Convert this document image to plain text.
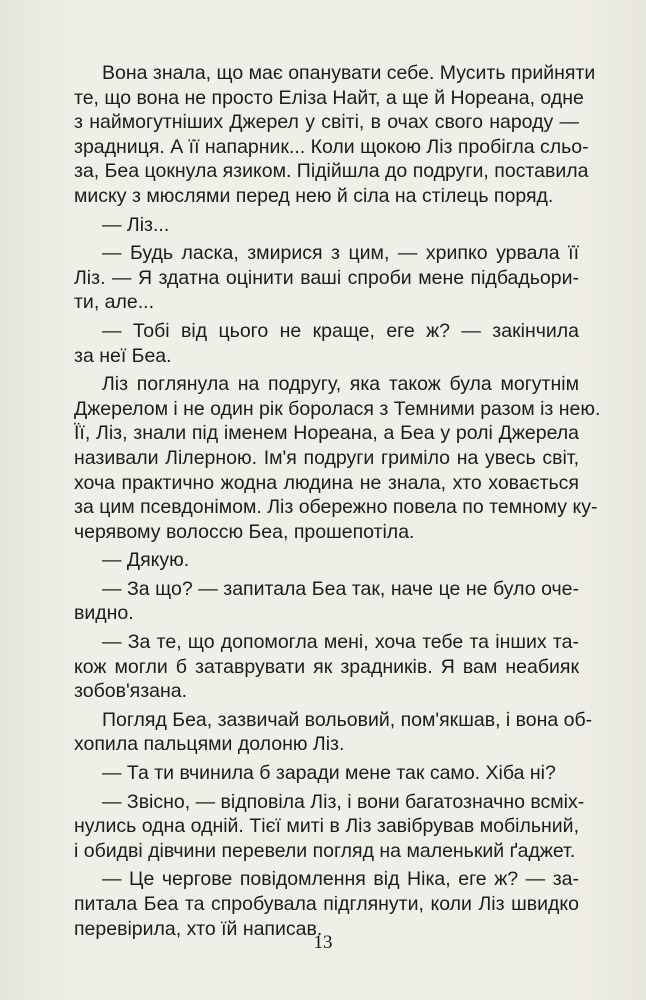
Вона знала, що має опанувати себе. Мусить прийняти
те, що вона не просто Еліза Найт, а ще й Нореана, одне
з наймогутніших Джерел у світі, в очах свого народу —
зрадниця. А її напарник... Коли щокою Ліз пробігла сльо-
за, Беа цокнула язиком. Підійшла до подруги, поставила
миску з мюслями перед нею й сіла на стілець поряд.
— Ліз...
— Будь ласка, змирися з цим, — хрипко урвала її
Ліз. — Я здатна оцінити ваші спроби мене підбадьори-
ти, але...
— Тобі від цього не краще, еге ж? — закінчила
за неї Беа.
Ліз поглянула на подругу, яка також була могутнім
Джерелом і не один рік боролася з Темними разом із нею.
Її, Ліз, знали під іменем Нореана, а Беа у ролі Джерела
називали Лілерною. Ім'я подруги гриміло на увесь світ,
хоча практично жодна людина не знала, хто ховається
за цим псевдонімом. Ліз обережно повела по темному ку-
черявому волоссю Беа, прошепотіла.
— Дякую.
— За що? — запитала Беа так, наче це не було оче-
видно.
— За те, що допомогла мені, хоча тебе та інших та-
кож могли б затаврувати як зрадників. Я вам неабияк
зобов'язана.
Погляд Беа, зазвичай вольовий, пом'якшав, і вона об-
хопила пальцями долоню Ліз.
— Та ти вчинила б заради мене так само. Хіба ні?
— Звісно, — відповіла Ліз, і вони багатозначно всміх-
нулись одна одній. Тієї миті в Ліз завібрував мобільний,
і обидві дівчини перевели погляд на маленький ґаджет.
— Це чергове повідомлення від Ніка, еге ж? — за-
питала Беа та спробувала підглянути, коли Ліз швидко
перевірила, хто їй написав.
13
